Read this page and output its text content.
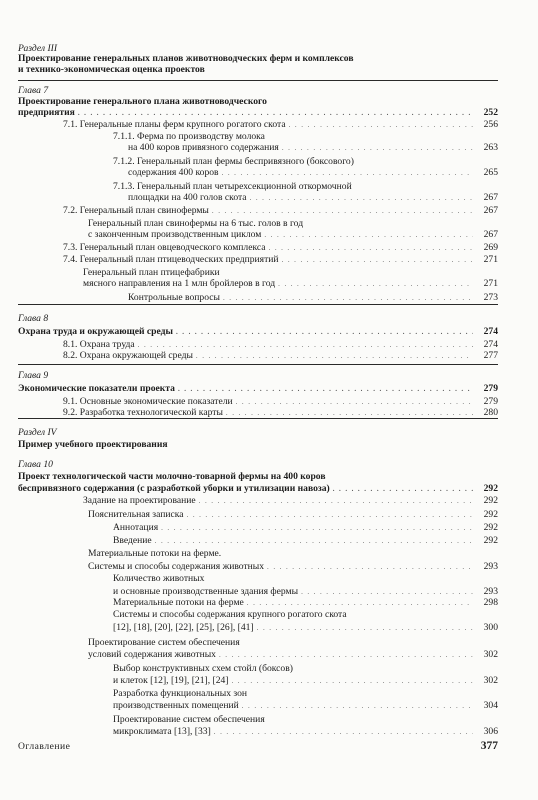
Раздел III
Проектирование генеральных планов животноводческих ферм и комплексов
и технико-экономическая оценка проектов
Глава 7
Проектирование генерального плана животноводческого
предприятия . . .	252
7.1. Генеральные планы ферм крупного рогатого скота . . .	256
7.1.1. Ферма по производству молока
на 400 коров привязного содержания . . .	263
7.1.2. Генеральный план фермы беспривязного (боксового)
содержания 400 коров . . .	265
7.1.3. Генеральный план четырехсекционной откормочной
площадки на 400 голов скота . . .	267
7.2. Генеральный план свинофермы . . .	267
Генеральный план свинофермы на 6 тыс. голов в год
с законченным производственным циклом . . .	267
7.3. Генеральный план овцеводческого комплекса . . .	269
7.4. Генеральный план птицеводческих предприятий . . .	271
Генеральный план птицефабрики
мясного направления на 1 млн бройлеров в год . . .	271
Контрольные вопросы . . .	273
Глава 8
Охрана труда и окружающей среды . . .	274
8.1. Охрана труда . . .	274
8.2. Охрана окружающей среды . . .	277
Глава 9
Экономические показатели проекта . . .	279
9.1. Основные экономические показатели . . .	279
9.2. Разработка технологической карты . . .	280
Раздел IV
Пример учебного проектирования
Глава 10
Проект технологической части молочно-товарной фермы на 400 коров
беспривязного содержания (с разработкой уборки и утилизации навоза) . . .	292
Задание на проектирование . . .	292
Пояснительная записка . . .	292
Аннотация . . .	292
Введение . . .	292
Материальные потоки на ферме.
Системы и способы содержания животных . . .	293
Количество животных
и основные производственные здания фермы . . .	293
Материальные потоки на ферме . . .	298
Системы и способы содержания крупного рогатого скота
[12], [18], [20], [22], [25], [26], [41] . . .	300
Проектирование систем обеспечения
условий содержания животных . . .	302
Выбор конструктивных схем стойл (боксов)
и клеток [12], [19], [21], [24] . . .	302
Разработка функциональных зон
производственных помещений . . .	304
Проектирование систем обеспечения
микроклимата [13], [33] . . .	306
Оглавление	377
